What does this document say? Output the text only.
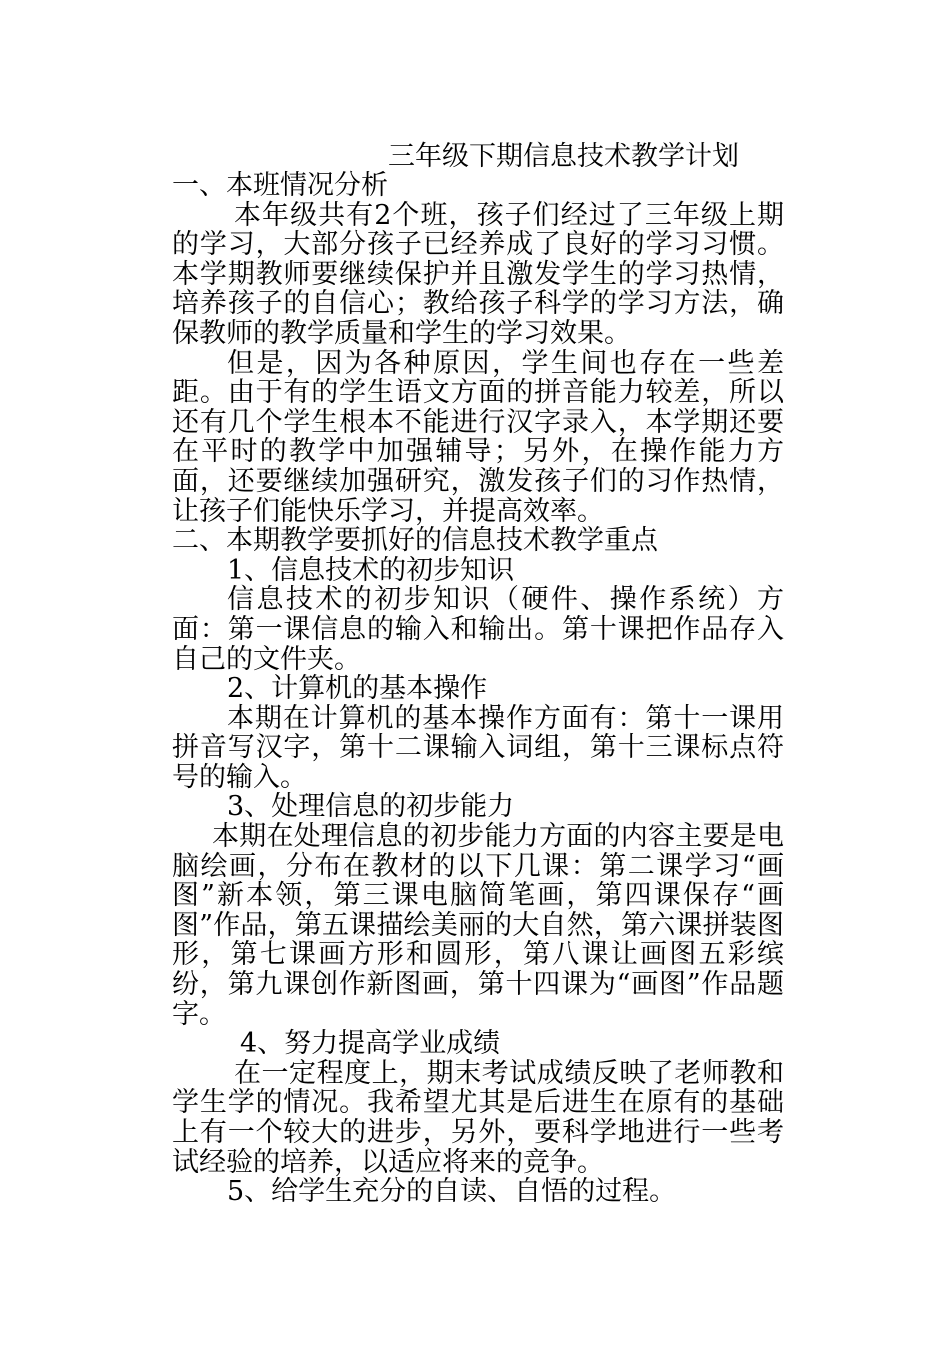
三年级下期信息技术教学计划

一、本班情况分析

本年级共有2个班，孩子们经过了三年级上期的学习，大部分孩子已经养成了良好的学习习惯。本学期教师要继续保护并且激发学生的学习热情，培养孩子的自信心；教给孩子科学的学习方法，确保教师的教学质量和学生的学习效果。

但是，因为各种原因，学生间也存在一些差距。由于有的学生语文方面的拼音能力较差，所以还有几个学生根本不能进行汉字录入，本学期还要在平时的教学中加强辅导；另外，在操作能力方面，还要继续加强研究，激发孩子们的习作热情，让孩子们能快乐学习，并提高效率。

二、本期教学要抓好的信息技术教学重点

1、信息技术的初步知识

信息技术的初步知识（硬件、操作系统）方面：第一课信息的输入和输出。第十课把作品存入自己的文件夹。

2、计算机的基本操作

本期在计算机的基本操作方面有：第十一课用拼音写汉字，第十二课输入词组，第十三课标点符号的输入。

3、处理信息的初步能力

本期在处理信息的初步能力方面的内容主要是电脑绘画，分布在教材的以下几课：第二课学习“画图”新本领，第三课电脑简笔画，第四课保存“画图”作品，第五课描绘美丽的大自然，第六课拼装图形，第七课画方形和圆形，第八课让画图五彩缤纷，第九课创作新图画，第十四课为“画图”作品题字。

4、努力提高学业成绩

在一定程度上，期末考试成绩反映了老师教和学生学的情况。我希望尤其是后进生在原有的基础上有一个较大的进步，另外，要科学地进行一些考试经验的培养，以适应将来的竞争。

5、给学生充分的自读、自悟的过程。
